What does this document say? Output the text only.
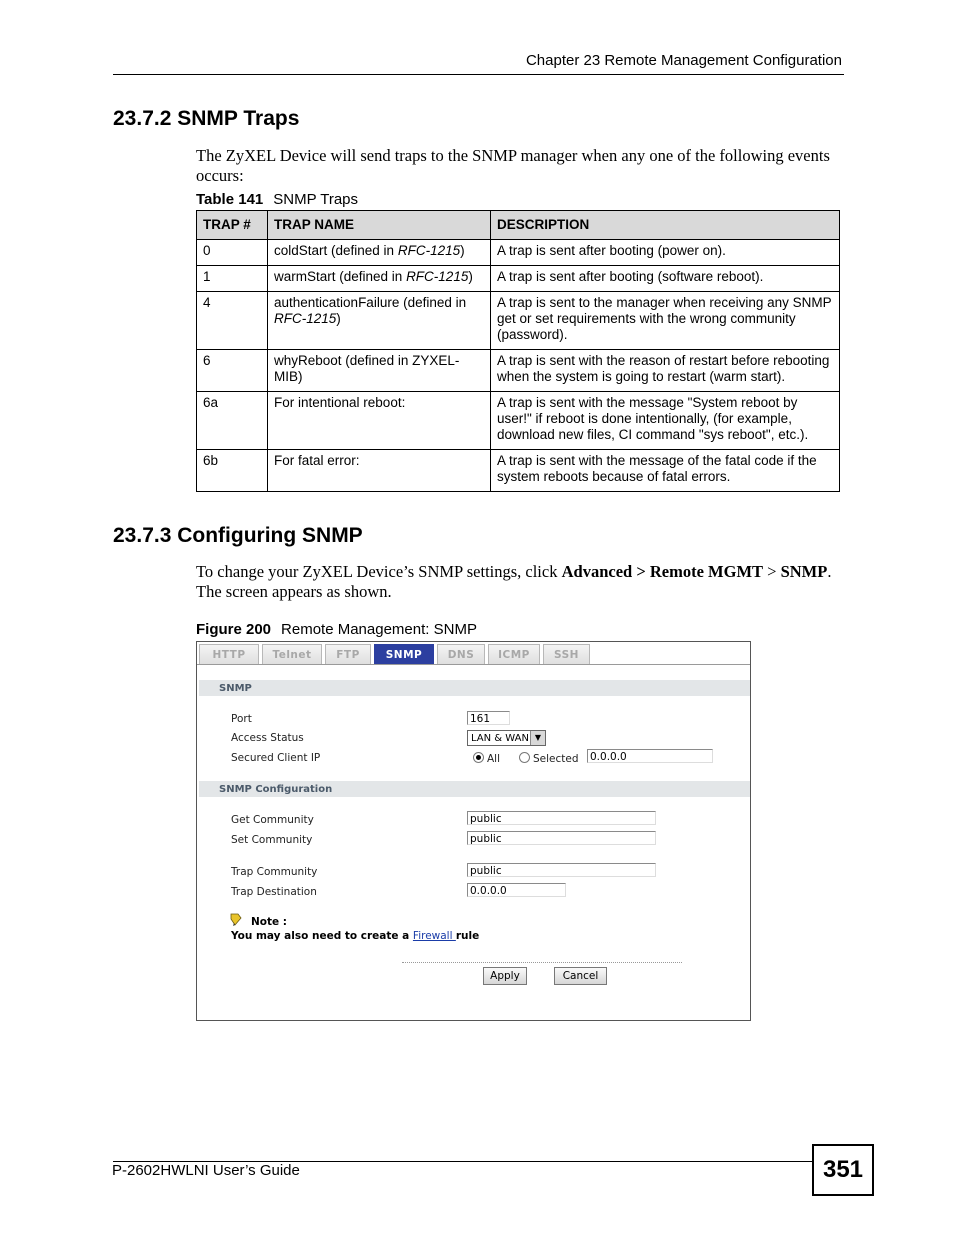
Chapter 23 Remote Management Configuration
23.7.2 SNMP Traps
The ZyXEL Device will send traps to the SNMP manager when any one of the following events occurs:
Table 141 SNMP Traps
TRAP #	TRAP NAME	DESCRIPTION
0	coldStart (defined in RFC-1215)	A trap is sent after booting (power on).
1	warmStart (defined in RFC-1215)	A trap is sent after booting (software reboot).
4	authenticationFailure (defined in RFC-1215)	A trap is sent to the manager when receiving any SNMP get or set requirements with the wrong community (password).
6	whyReboot (defined in ZYXEL-MIB)	A trap is sent with the reason of restart before rebooting when the system is going to restart (warm start).
6a	For intentional reboot:	A trap is sent with the message "System reboot by user!" if reboot is done intentionally, (for example, download new files, CI command "sys reboot", etc.).
6b	For fatal error:	A trap is sent with the message of the fatal code if the system reboots because of fatal errors.
23.7.3 Configuring SNMP
To change your ZyXEL Device’s SNMP settings, click Advanced > Remote MGMT > SNMP. The screen appears as shown.
Figure 200 Remote Management: SNMP
HTTP	Telnet	FTP	SNMP	DNS	ICMP	SSH
SNMP
Port	161
Access Status	LAN & WAN ▼
Secured Client IP	All	Selected 0.0.0.0
SNMP Configuration
Get Community	public
Set Community	public
Trap Community	public
Trap Destination	0.0.0.0
Note :
You may also need to create a Firewall rule
Apply	Cancel
P-2602HWLNI User’s Guide	351
